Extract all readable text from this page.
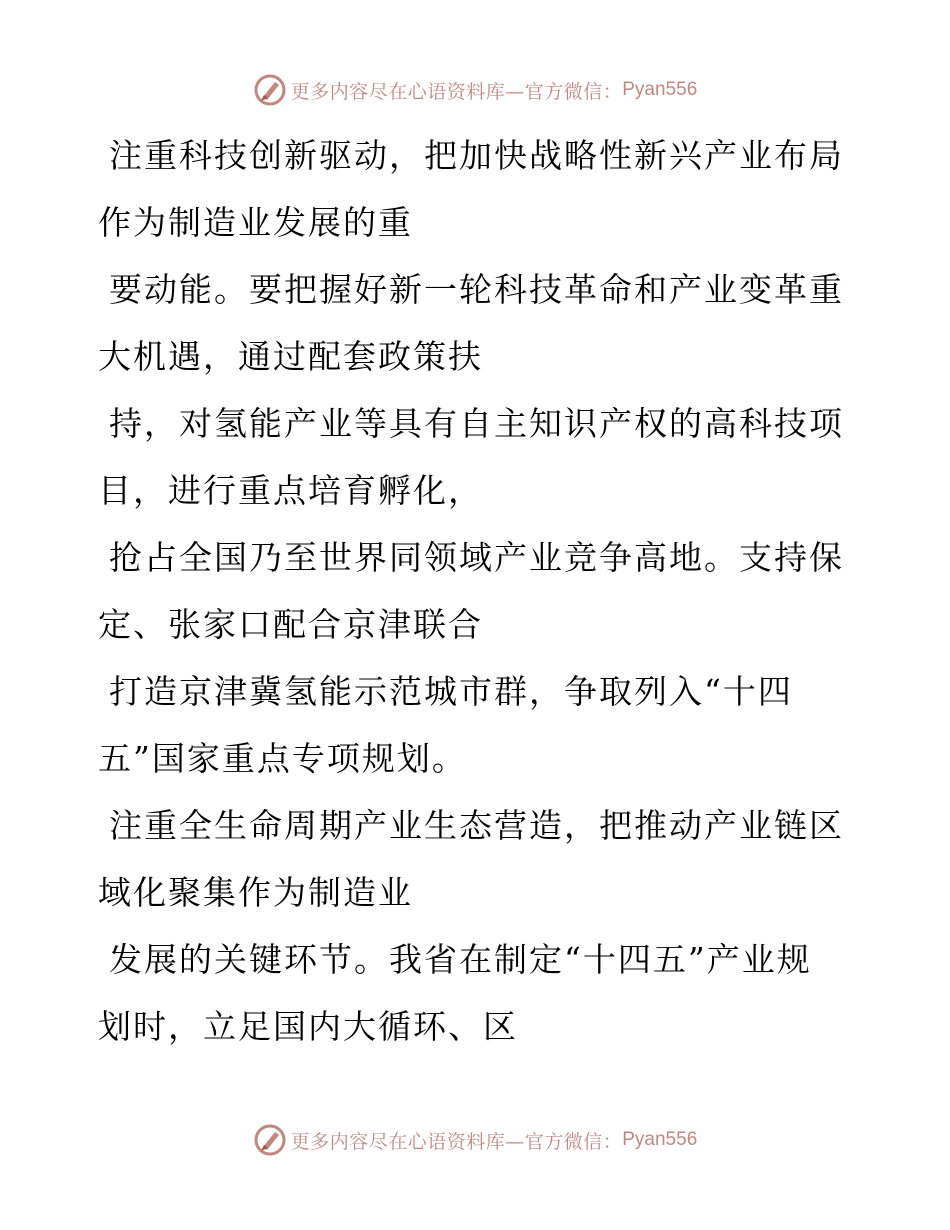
更多内容尽在心语资料库—官方微信： Pyan556

注重科技创新驱动，把加快战略性新兴产业布局
作为制造业发展的重

要动能。要把握好新一轮科技革命和产业变革重
大机遇，通过配套政策扶

持，对氢能产业等具有自主知识产权的高科技项
目，进行重点培育孵化，

抢占全国乃至世界同领域产业竞争高地。支持保
定、张家口配合京津联合

打造京津冀氢能示范城市群，争取列入“十四
五”国家重点专项规划。

注重全生命周期产业生态营造，把推动产业链区
域化聚集作为制造业

发展的关键环节。我省在制定“十四五”产业规
划时，立足国内大循环、区

更多内容尽在心语资料库—官方微信： Pyan556
